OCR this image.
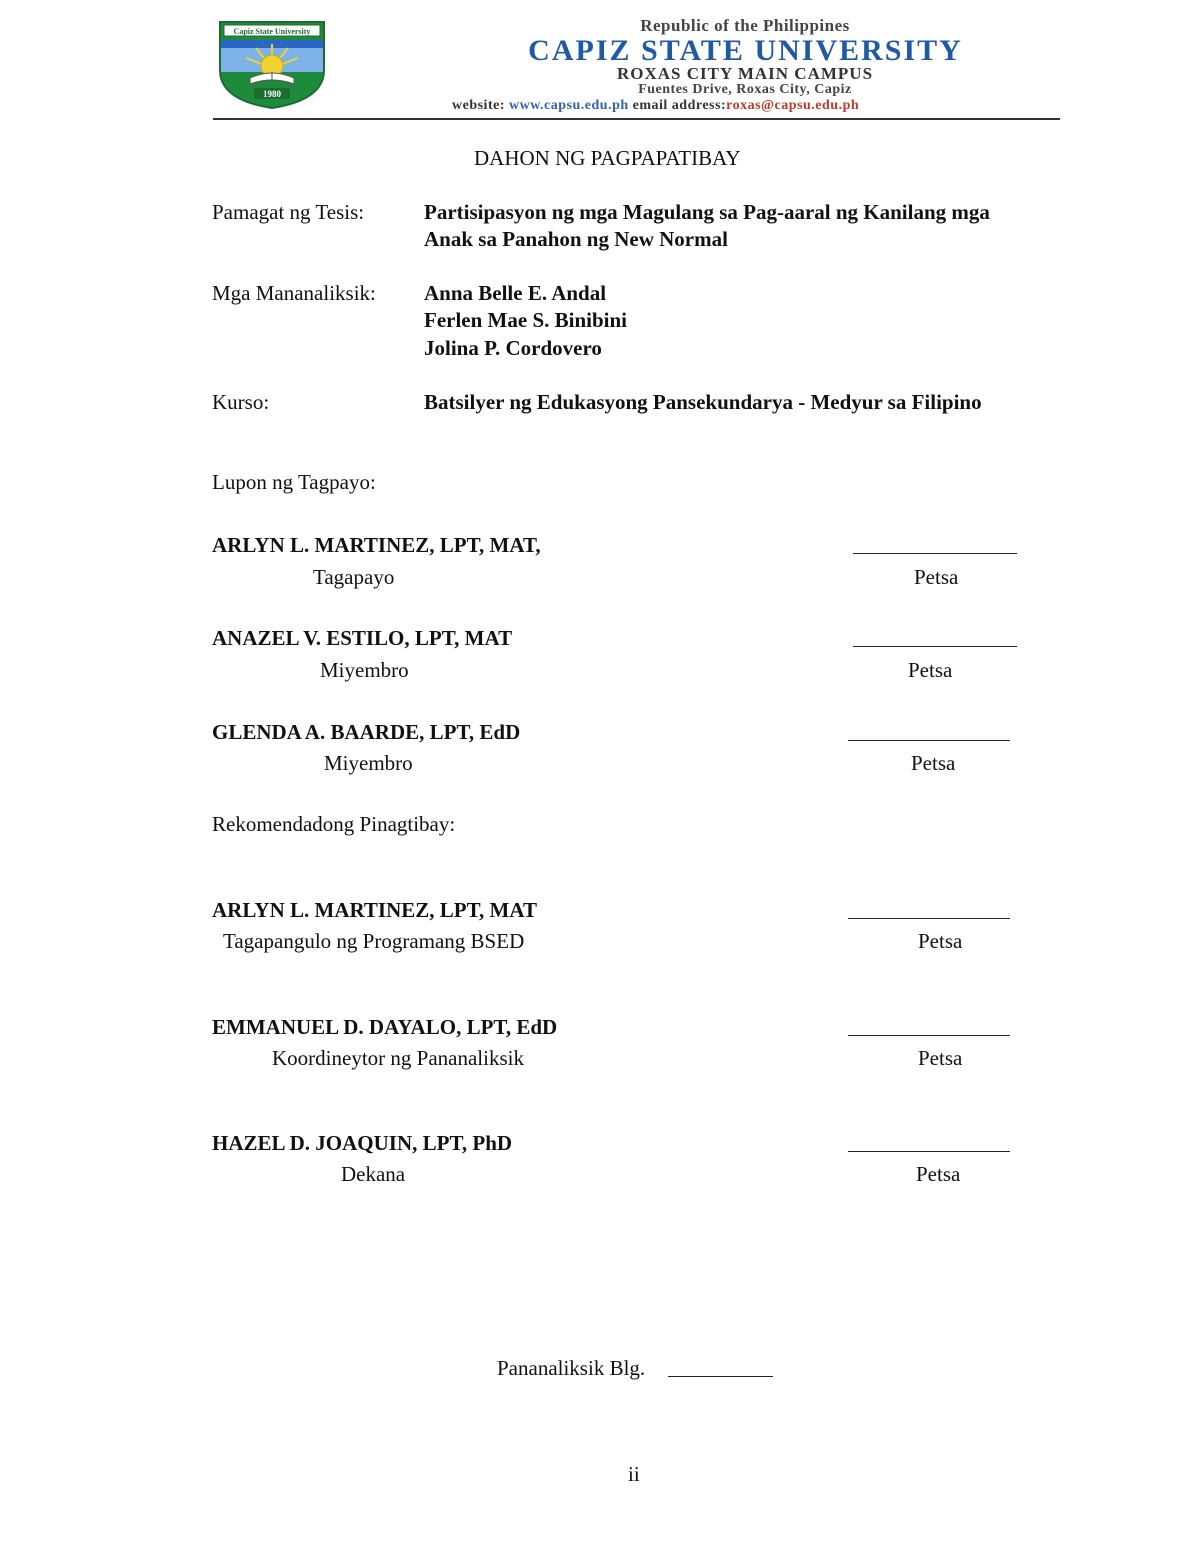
Capiz State University
1980
Republic of the Philippines
CAPIZ STATE UNIVERSITY
ROXAS CITY MAIN CAMPUS
Fuentes Drive, Roxas City, Capiz
website: www.capsu.edu.ph email address:roxas@capsu.edu.ph
DAHON NG PAGPAPATIBAY
Pamagat ng Tesis:	Partisipasyon ng mga Magulang sa Pag-aaral ng Kanilang mga
Anak sa Panahon ng New Normal
Mga Mananaliksik: Anna Belle E. Andal
Ferlen Mae S. Binibini
Jolina P. Cordovero
Kurso:	Batsilyer ng Edukasyong Pansekundarya - Medyur sa Filipino
Lupon ng Tagpayo:
ARLYN L. MARTINEZ, LPT, MAT,
Tagapayo	Petsa
ANAZEL V. ESTILO, LPT, MAT
Miyembro	Petsa
GLENDA A. BAARDE, LPT, EdD
Miyembro	Petsa
Rekomendadong Pinagtibay:
ARLYN L. MARTINEZ, LPT, MAT
Tagapangulo ng Programang BSED	Petsa
EMMANUEL D. DAYALO, LPT, EdD
Koordineytor ng Pananaliksik	Petsa
HAZEL D. JOAQUIN, LPT, PhD
Dekana	Petsa
Pananaliksik Blg.
ii
